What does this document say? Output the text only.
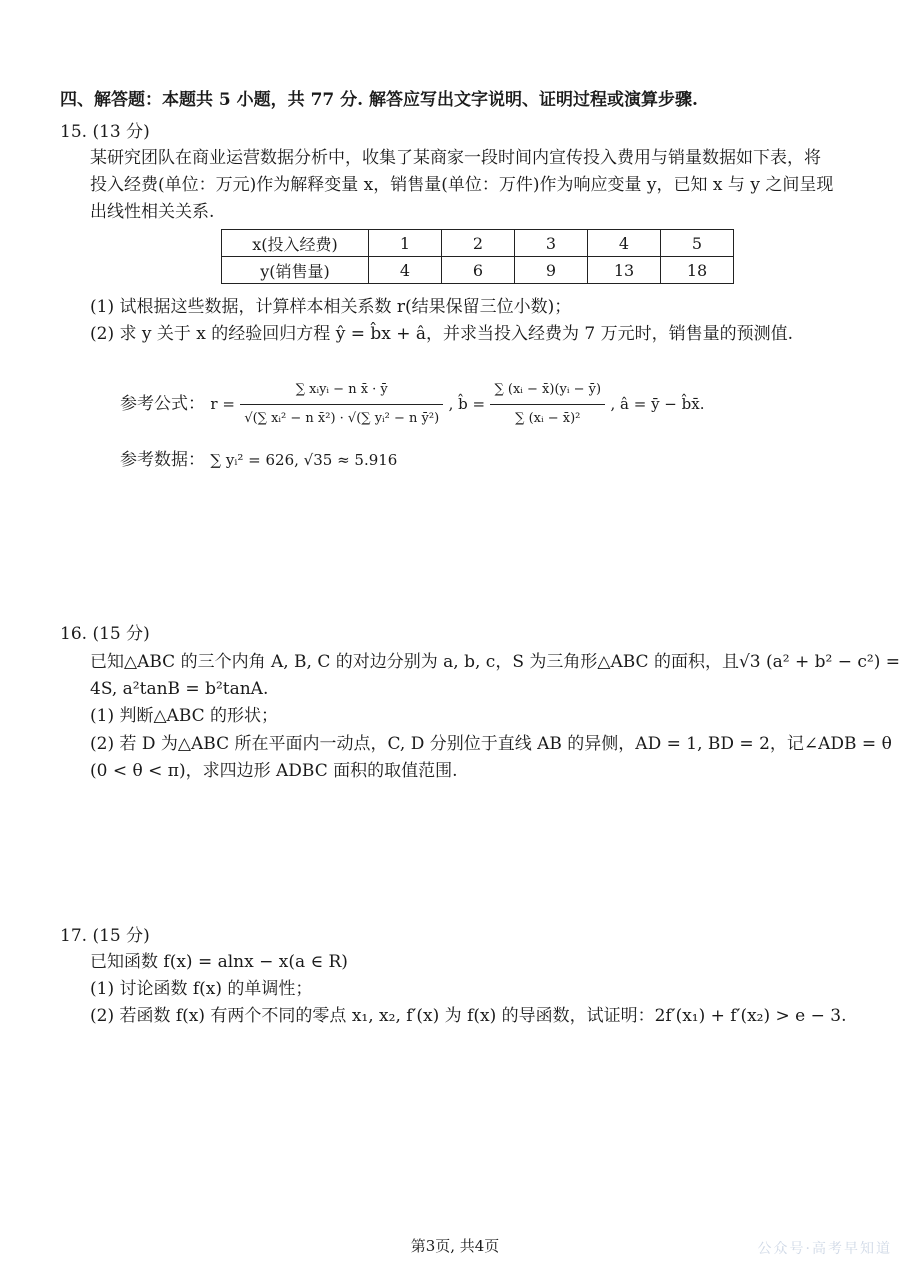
四、解答题：本题共 5 小题，共 77 分. 解答应写出文字说明、证明过程或演算步骤.
15. (13 分)
某研究团队在商业运营数据分析中，收集了某商家一段时间内宣传投入费用与销量数据如下表，将
投入经费(单位：万元)作为解释变量 x，销售量(单位：万件)作为响应变量 y，已知 x 与 y 之间呈现
出线性相关关系.
x(投入经费)	1	2	3	4	5
y(销售量)	4	6	9	13	18
(1) 试根据这些数据，计算样本相关系数 r(结果保留三位小数)；
(2) 求 y 关于 x 的经验回归方程 ŷ = b̂x + â，并求当投入经费为 7 万元时，销售量的预测值.
参考公式： $r = \frac{\text{∑ xᵢyᵢ − n x̄ · ȳ}}{\text{√(∑ xᵢ² − n x̄²) · √(∑ yᵢ² − n ȳ²)}}$ , b̂ = $\frac{\text{∑ (xᵢ − x̄)(yᵢ − ȳ)}}{\text{∑ (xᵢ − x̄)²}}$ , â = ȳ − b̂x̄.
参考数据： ∑ yᵢ² = 626, √35 ≈ 5.916
16. (15 分)
已知△ABC 的三个内角 A, B, C 的对边分别为 a, b, c，S 为三角形△ABC 的面积，且√3 (a² + b² − c²) =
4S, a²tanB = b²tanA.
(1) 判断△ABC 的形状；
(2) 若 D 为△ABC 所在平面内一动点，C, D 分别位于直线 AB 的异侧，AD = 1, BD = 2，记∠ADB = θ
(0 < θ < π)，求四边形 ADBC 面积的取值范围.
17. (15 分)
已知函数 f(x) = alnx − x(a ∈ R)
(1) 讨论函数 f(x) 的单调性；
(2) 若函数 f(x) 有两个不同的零点 x₁, x₂, f′(x) 为 f(x) 的导函数，试证明：2f′(x₁) + f′(x₂) > e − 3.
第3页, 共4页	公众号·高考早知道
